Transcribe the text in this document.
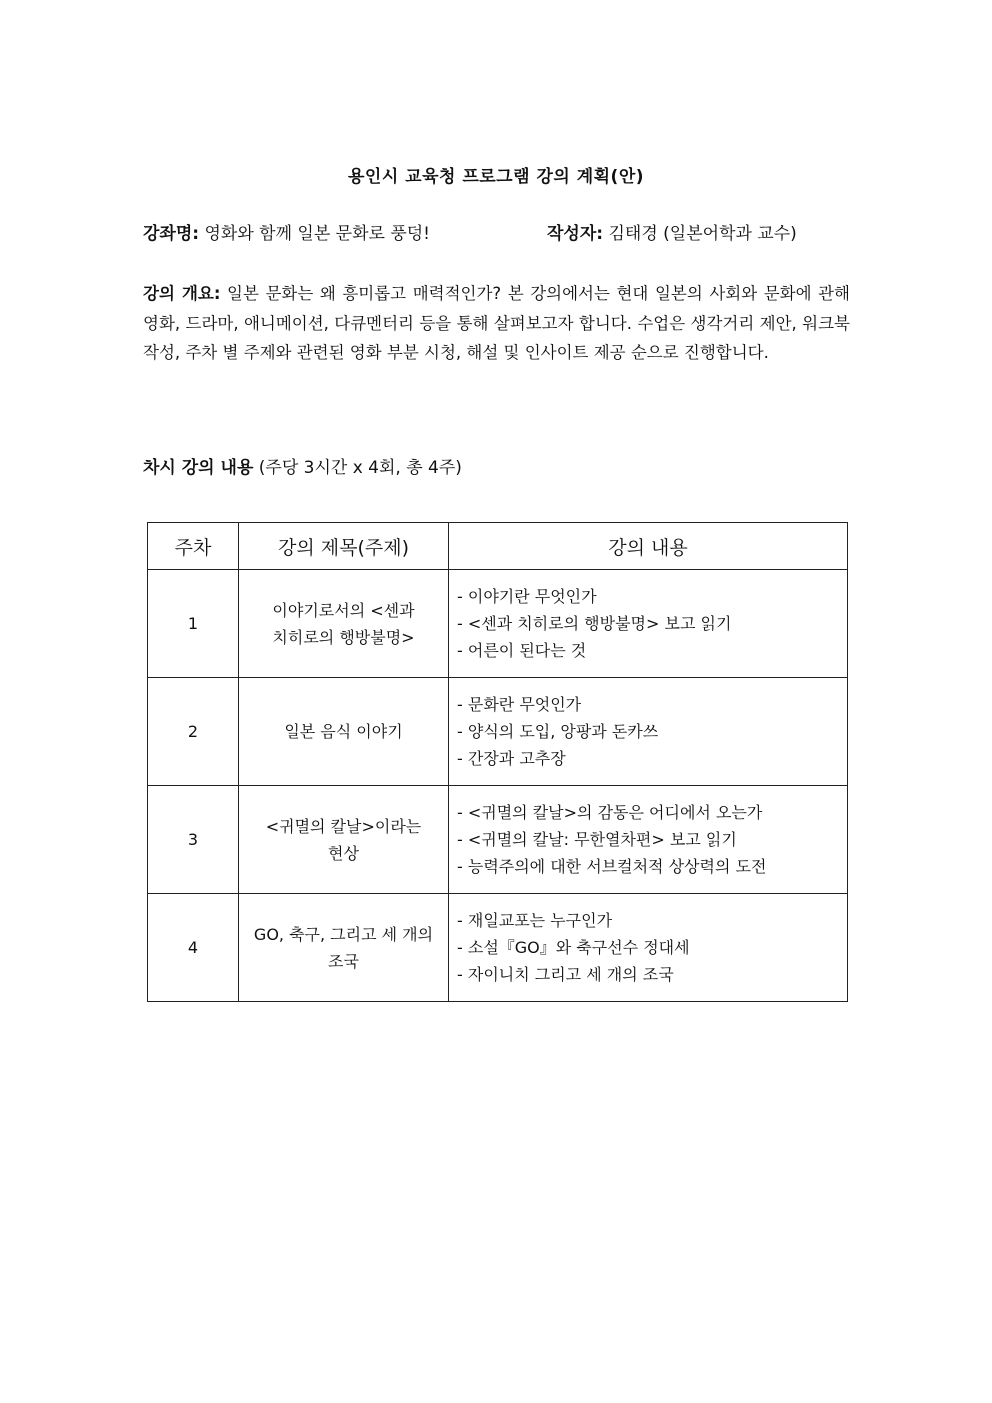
용인시 교육청 프로그램 강의 계획(안)
강좌명: 영화와 함께 일본 문화로 풍덩!	작성자: 김태경 (일본어학과 교수)
강의 개요: 일본 문화는 왜 흥미롭고 매력적인가? 본 강의에서는 현대 일본의 사회와 문화에 관해 영화, 드라마, 애니메이션, 다큐멘터리 등을 통해 살펴보고자 합니다. 수업은 생각거리 제안, 워크북 작성, 주차 별 주제와 관련된 영화 부분 시청, 해설 및 인사이트 제공 순으로 진행합니다.
차시 강의 내용 (주당 3시간 x 4회, 총 4주)
주차	강의 제목(주제)	강의 내용
1	이야기로서의 <센과 치히로의 행방불명>	- 이야기란 무엇인가
- <센과 치히로의 행방불명> 보고 읽기
- 어른이 된다는 것

2	일본 음식 이야기	- 문화란 무엇인가
- 양식의 도입, 앙팡과 돈카쓰
- 간장과 고추장

3	<귀멸의 칼날>이라는 현상	- <귀멸의 칼날>의 감동은 어디에서 오는가
- <귀멸의 칼날: 무한열차편> 보고 읽기
- 능력주의에 대한 서브컬처적 상상력의 도전

4	GO, 축구, 그리고 세 개의 조국	- 재일교포는 누구인가
- 소설『GO』와 축구선수 정대세
- 자이니치 그리고 세 개의 조국
